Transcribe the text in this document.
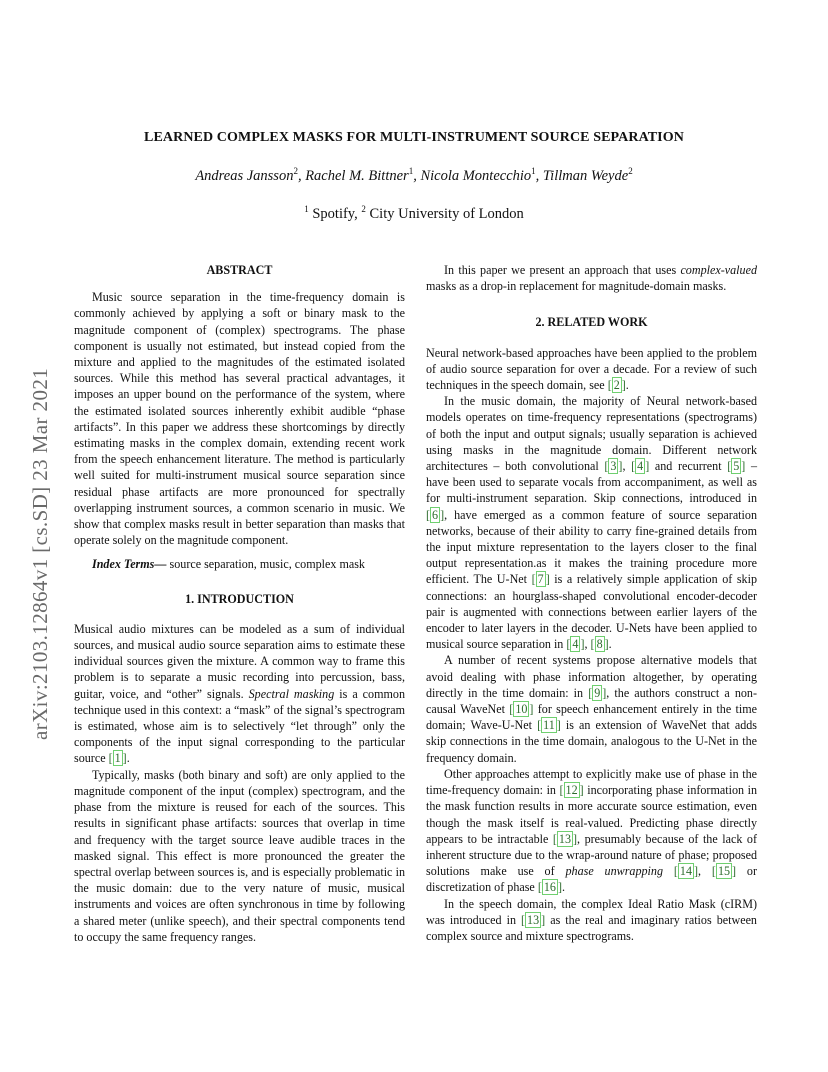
LEARNED COMPLEX MASKS FOR MULTI-INSTRUMENT SOURCE SEPARATION
Andreas Jansson$^2$, Rachel M. Bittner$^1$, Nicola Montecchio$^1$, Tillman Weyde$^2$
$^1$ Spotify, $^2$ City University of London
arXiv:2103.12864v1 [cs.SD] 23 Mar 2021
ABSTRACT

Music source separation in the time-frequency domain is commonly achieved by applying a soft or binary mask to the magnitude component of (complex) spectrograms. The phase component is usually not estimated, but instead copied from the mixture and applied to the magnitudes of the estimated isolated sources. While this method has several practical advantages, it imposes an upper bound on the performance of the system, where the estimated isolated sources inherently exhibit audible “phase artifacts”. In this paper we address these shortcomings by directly estimating masks in the complex domain, extending recent work from the speech enhancement literature. The method is particularly well suited for multi-instrument musical source separation since residual phase artifacts are more pronounced for spectrally overlapping instrument sources, a common scenario in music. We show that complex masks result in better separation than masks that operate solely on the magnitude component.

Index Terms— source separation, music, complex mask

1. INTRODUCTION

Musical audio mixtures can be modeled as a sum of individual sources, and musical audio source separation aims to estimate these individual sources given the mixture. A common way to frame this problem is to separate a music recording into percussion, bass, guitar, voice, and “other” signals. Spectral masking is a common technique used in this context: a “mask” of the signal’s spectrogram is estimated, whose aim is to selectively “let through” only the components of the input signal corresponding to the particular source [ 1 ].

Typically, masks (both binary and soft) are only applied to the magnitude component of the input (complex) spectrogram, and the phase from the mixture is reused for each of the sources. This results in significant phase artifacts: sources that overlap in time and frequency with the target source leave audible traces in the masked signal. This effect is more pronounced the greater the spectral overlap between sources is, and is especially problematic in the music domain: due to the very nature of music, musical instruments and voices are often synchronous in time by following a shared meter (unlike speech), and their spectral components tend to occupy the same frequency ranges.

In this paper we present an approach that uses complex-valued masks as a drop-in replacement for magnitude-domain masks.

2. RELATED WORK

Neural network-based approaches have been applied to the problem of audio source separation for over a decade. For a review of such techniques in the speech domain, see [ 2 ].

In the music domain, the majority of Neural network-based models operates on time-frequency representations (spectrograms) of both the input and output signals; usually separation is achieved using masks in the magnitude domain. Different network architectures – both convolutional [ 3 ], [ 4 ] and recurrent [ 5 ] – have been used to separate vocals from accompaniment, as well as for multi-instrument separation. Skip connections, introduced in [ 6 ], have emerged as a common feature of source separation networks, because of their ability to carry fine-grained details from the input mixture representation to the layers closer to the final output representation.as it makes the training procedure more efficient. The U-Net [ 7 ] is a relatively simple application of skip connections: an hourglass-shaped convolutional encoder-decoder pair is augmented with connections between earlier layers of the encoder to later layers in the decoder. U-Nets have been applied to musical source separation in [ 4 ], [ 8 ].

A number of recent systems propose alternative models that avoid dealing with phase information altogether, by operating directly in the time domain: in [ 9 ], the authors construct a non-causal WaveNet [ 10 ] for speech enhancement entirely in the time domain; Wave-U-Net [ 11 ] is an extension of WaveNet that adds skip connections in the time domain, analogous to the U-Net in the frequency domain.

Other approaches attempt to explicitly make use of phase in the time-frequency domain: in [ 12 ] incorporating phase information in the mask function results in more accurate source estimation, even though the mask itself is real-valued. Predicting phase directly appears to be intractable [ 13 ], presumably because of the lack of inherent structure due to the wrap-around nature of phase; proposed solutions make use of phase unwrapping [ 14 ], [ 15 ] or discretization of phase [ 16 ].

In the speech domain, the complex Ideal Ratio Mask (cIRM) was introduced in [ 13 ] as the real and imaginary ratios between complex source and mixture spectrograms.
